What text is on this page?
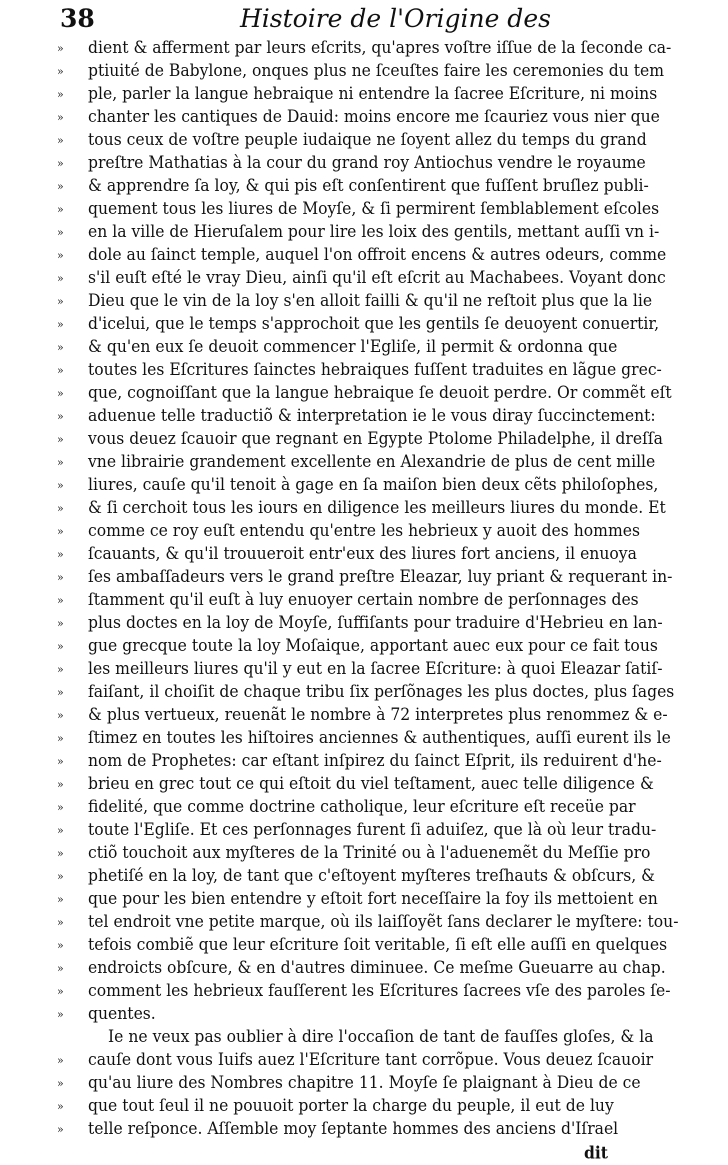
38	Histoire de l'Origine des
»	dient & afferment par leurs eſcrits, qu'apres voſtre iſſue de la ſeconde ca-
»	ptiuité de Babylone, onques plus ne ſceuſtes faire les ceremonies du tem
»	ple, parler la langue hebraique ni entendre la ſacree Eſcriture, ni moins
»	chanter les cantiques de Dauid: moins encore me ſcauriez vous nier que
»	tous ceux de voſtre peuple iudaique ne ſoyent allez du temps du grand
»	preſtre Mathatias à la cour du grand roy Antiochus vendre le royaume
»	& apprendre ſa loy, & qui pis eſt conſentirent que fuſſent bruſlez publi-
»	quement tous les liures de Moyſe, & ſi permirent ſemblablement eſcoles
»	en la ville de Hieruſalem pour lire les loix des gentils, mettant auſſi vn i-
»	dole au ſainct temple, auquel l'on offroit encens & autres odeurs, comme
»	s'il euſt eſté le vray Dieu, ainſi qu'il eſt eſcrit au Machabees. Voyant donc
»	Dieu que le vin de la loy s'en alloit failli & qu'il ne reſtoit plus que la lie
»	d'icelui, que le temps s'approchoit que les gentils ſe deuoyent conuertir,
»	& qu'en eux ſe deuoit commencer l'Egliſe, il permit & ordonna que
»	toutes les Eſcritures ſainctes hebraiques fuſſent traduites en lãgue grec-
»	que, cognoiſſant que la langue hebraique ſe deuoit perdre. Or commẽt eſt
»	aduenue telle traductiõ & interpretation ie le vous diray ſuccinctement:
»	vous deuez ſcauoir que regnant en Egypte Ptolome Philadelphe, il dreſſa
»	vne librairie grandement excellente en Alexandrie de plus de cent mille
»	liures, cauſe qu'il tenoit à gage en ſa maiſon bien deux cẽts philoſophes,
»	& ſi cerchoit tous les iours en diligence les meilleurs liures du monde. Et
»	comme ce roy euſt entendu qu'entre les hebrieux y auoit des hommes
»	ſcauants, & qu'il trouueroit entr'eux des liures fort anciens, il enuoya
»	ſes ambaſſadeurs vers le grand preſtre Eleazar, luy priant & requerant in-
»	ſtamment qu'il euſt à luy enuoyer certain nombre de perſonnages des
»	plus doctes en la loy de Moyſe, ſuffiſants pour traduire d'Hebrieu en lan-
»	gue grecque toute la loy Moſaique, apportant auec eux pour ce fait tous
»	les meilleurs liures qu'il y eut en la ſacree Eſcriture: à quoi Eleazar ſatiſ-
»	faiſant, il choiſit de chaque tribu ſix perſõnages les plus doctes, plus ſages
»	& plus vertueux, reuenãt le nombre à 72 interpretes plus renommez & e-
»	ſtimez en toutes les hiſtoires anciennes & authentiques, auſſi eurent ils le
»	nom de Prophetes: car eſtant inſpirez du ſainct Eſprit, ils reduirent d'he-
»	brieu en grec tout ce qui eſtoit du viel teſtament, auec telle diligence &
»	fidelité, que comme doctrine catholique, leur eſcriture eſt receüe par
»	toute l'Egliſe. Et ces perſonnages furent ſi aduiſez, que là où leur tradu-
»	ctiõ touchoit aux myſteres de la Trinité ou à l'aduenemẽt du Meſſie pro
»	phetiſé en la loy, de tant que c'eſtoyent myſteres treſhauts & obſcurs, &
»	que pour les bien entendre y eſtoit fort neceſſaire la foy ils mettoient en
»	tel endroit vne petite marque, où ils laiſſoyẽt ſans declarer le myſtere: tou-
»	tefois combiẽ que leur eſcriture ſoit veritable, ſi eſt elle auſſi en quelques
»	endroicts obſcure, & en d'autres diminuee. Ce meſme Gueuarre au chap.
»	comment les hebrieux fauſſerent les Eſcritures ſacrees vſe des paroles ſe-
»	quentes.
Ie ne veux pas oublier à dire l'occaſion de tant de fauſſes gloſes, & la
»	cauſe dont vous Iuifs auez l'Eſcriture tant corrõpue. Vous deuez ſcauoir
»	qu'au liure des Nombres chapitre 11. Moyſe ſe plaignant à Dieu de ce
»	que tout ſeul il ne pouuoit porter la charge du peuple, il eut de luy
»	telle reſponce. Aſſemble moy ſeptante hommes des anciens d'Iſrael
dit
